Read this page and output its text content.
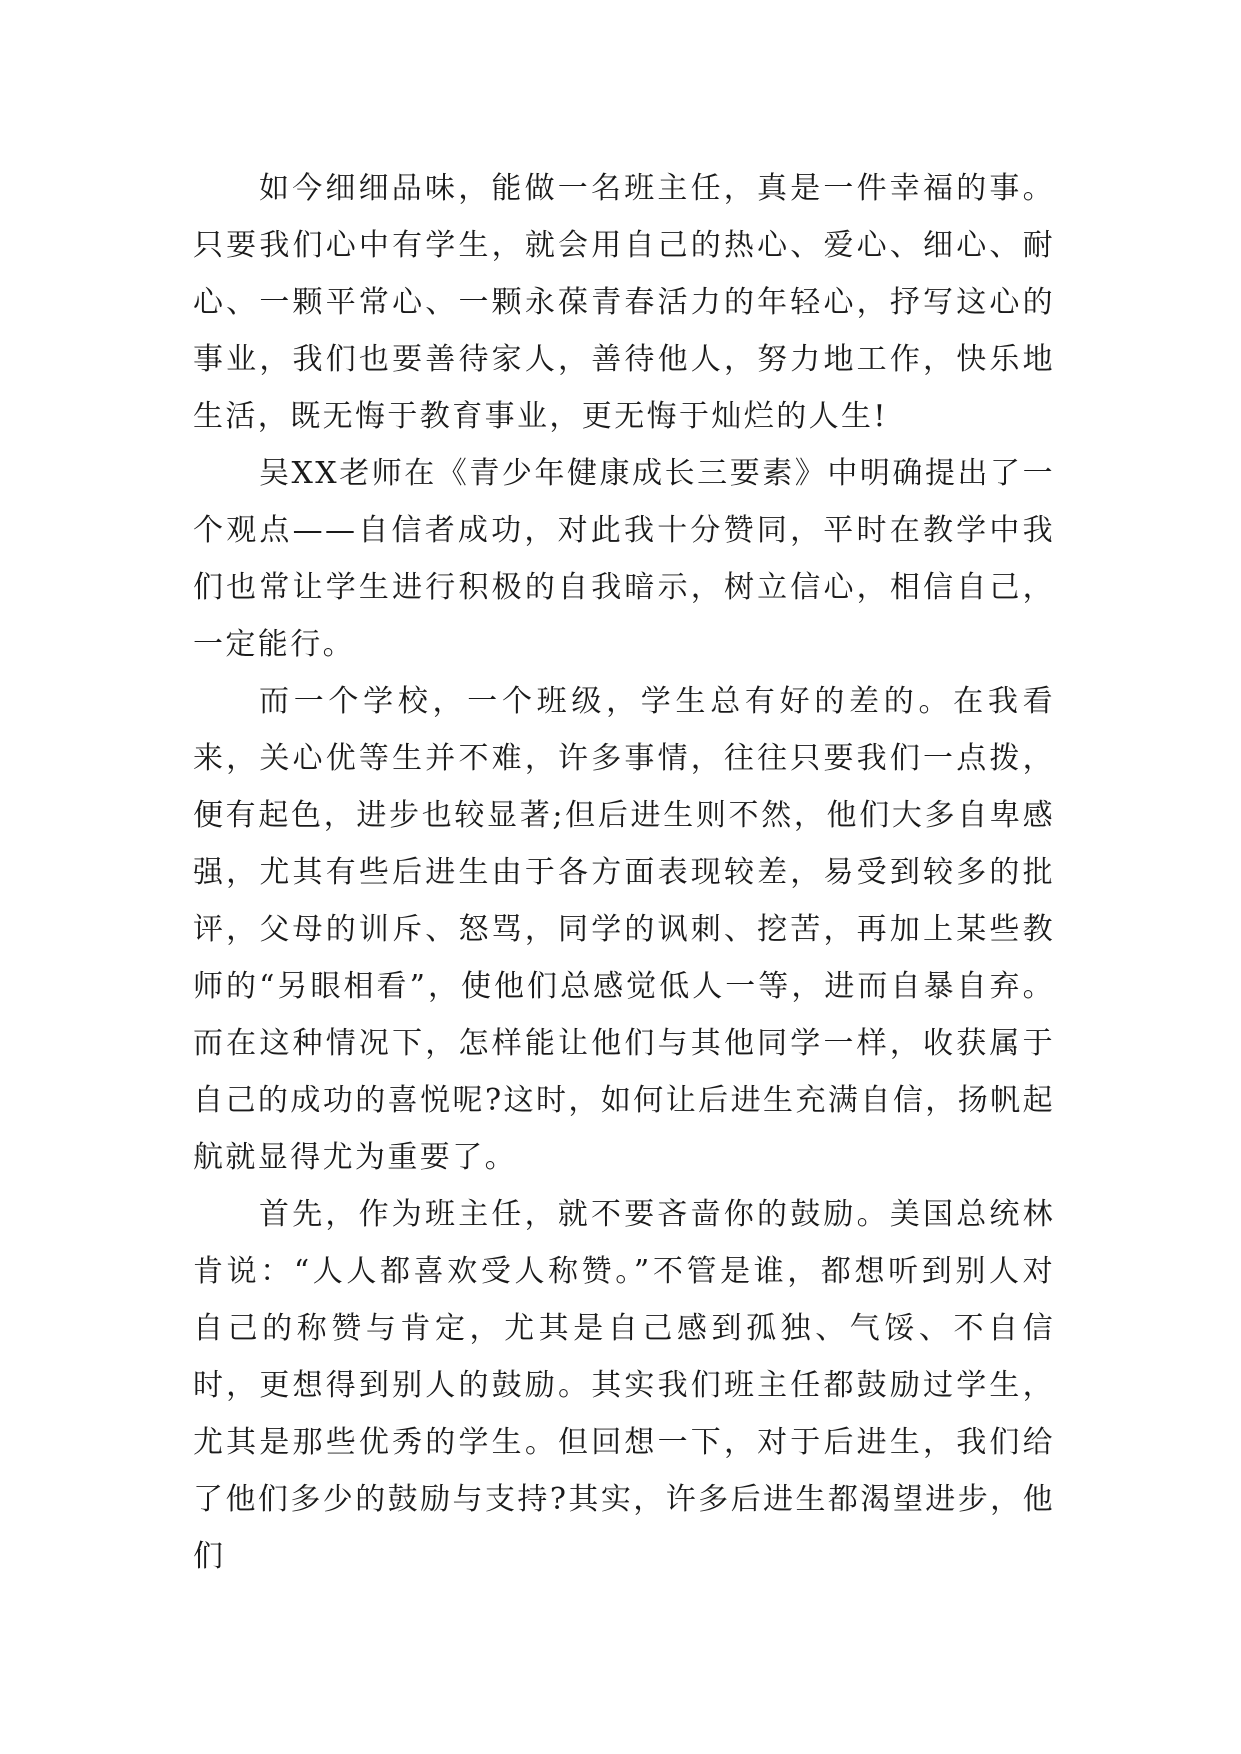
如今细细品味，能做一名班主任，真是一件幸福的事。只要我们心中有学生，就会用自己的热心、爱心、细心、耐心、一颗平常心、一颗永葆青春活力的年轻心，抒写这心的事业，我们也要善待家人，善待他人，努力地工作，快乐地生活，既无悔于教育事业，更无悔于灿烂的人生!

吴XX老师在《青少年健康成长三要素》中明确提出了一个观点——自信者成功，对此我十分赞同，平时在教学中我们也常让学生进行积极的自我暗示，树立信心，相信自己，一定能行。

而一个学校，一个班级，学生总有好的差的。在我看来，关心优等生并不难，许多事情，往往只要我们一点拨，便有起色，进步也较显著;但后进生则不然，他们大多自卑感强，尤其有些后进生由于各方面表现较差，易受到较多的批评，父母的训斥、怒骂，同学的讽刺、挖苦，再加上某些教师的“另眼相看”，使他们总感觉低人一等，进而自暴自弃。而在这种情况下，怎样能让他们与其他同学一样，收获属于自己的成功的喜悦呢?这时，如何让后进生充满自信，扬帆起航就显得尤为重要了。

首先，作为班主任，就不要吝啬你的鼓励。美国总统林肯说：“人人都喜欢受人称赞。”不管是谁，都想听到别人对自己的称赞与肯定，尤其是自己感到孤独、气馁、不自信时，更想得到别人的鼓励。其实我们班主任都鼓励过学生，尤其是那些优秀的学生。但回想一下，对于后进生，我们给了他们多少的鼓励与支持?其实，许多后进生都渴望进步，他们
